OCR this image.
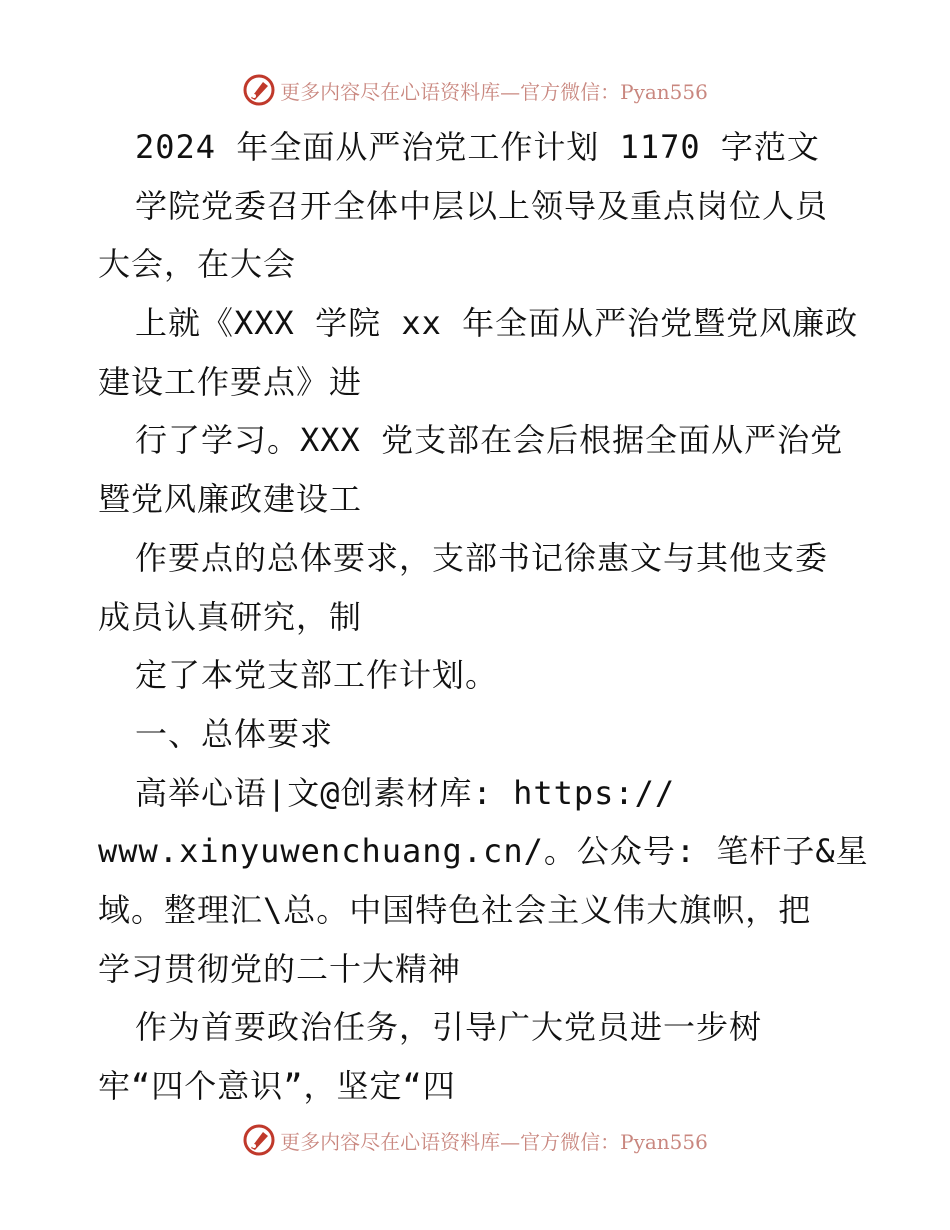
更多内容尽在心语资料库—官方微信：Pyan556

2024 年全面从严治党工作计划 1170 字范文

学院党委召开全体中层以上领导及重点岗位人员

大会，在大会

上就《XXX 学院 xx 年全面从严治党暨党风廉政

建设工作要点》进

行了学习。XXX 党支部在会后根据全面从严治党

暨党风廉政建设工

作要点的总体要求，支部书记徐惠文与其他支委

成员认真研究，制

定了本党支部工作计划。

一、总体要求

高举心语|文@创素材库: https://

www.xinyuwenchuang.cn/。公众号: 笔杆子&星

域。整理汇\总。中国特色社会主义伟大旗帜，把

学习贯彻党的二十大精神

作为首要政治任务，引导广大党员进一步树

牢“四个意识”，坚定“四

更多内容尽在心语资料库—官方微信：Pyan556
